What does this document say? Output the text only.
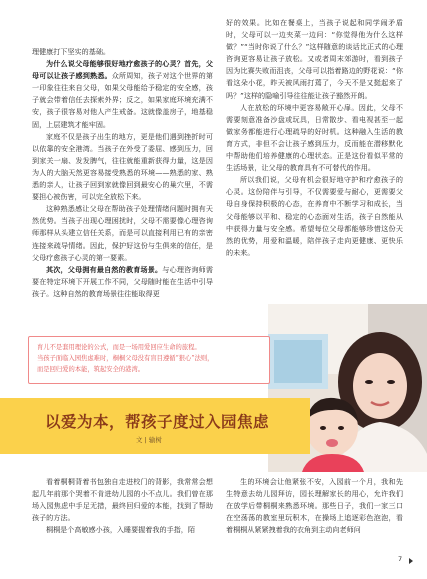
理健康打下坚实的基础。

为什么说父母能够很好地疗愈孩子的心灵？首先，父母可以让孩子感到熟悉。众所周知，孩子对这个世界的第一印象往往来自父母，如果父母能给予稳定的安全感，孩子就会带着信任去探索外界；反之，如果家庭环境充满不安，孩子很容易对他人产生戒备。这就像盖房子，地基稳固，上层建筑才能牢固。

家庭不仅是孩子出生的地方，更是他们遇到挫折时可以依靠的安全港湾。当孩子在外受了委屈、感到压力，回到家关一扇、发发脾气，往往就能重新获得力量，这是因为人的大脑天然更容易接受熟悉的环境——熟悉的家、熟悉的亲人，让孩子回到家就像回到最安心的巢穴里，不需要担心被伤害，可以完全放松下来。

这种熟悉感让父母在帮助孩子处理情绪问题时拥有天然优势。当孩子出现心理困扰时，父母不需要像心理咨询师那样从头建立信任关系，而是可以直接利用已有的亲密连接来疏导情绪。因此，保护好这份与生俱来的信任，是父母疗愈孩子心灵的第一要素。

其次，父母拥有最自然的教育场景。与心理咨询师需要在特定环境下开展工作不同，父母随时能在生活中引导孩子。这种自然的教育场景往往能取得更

好的效果。比如在餐桌上，当孩子说起和同学闹矛盾时，父母可以一边夹菜一边问：“你觉得他为什么这样做？”“当时你说了什么？”这样随意的谈话比正式的心理咨询更容易让孩子放松。又或者周末郊游时，看到孩子因为比赛失败而沮丧，父母可以指着路边的野花说：“你看这朵小花，昨天被风雨打蔫了，今天不是又挺起来了吗？”这样的隐喻引导往往能让孩子豁然开朗。

人在放松的环境中更容易敞开心扉。因此，父母不需要刻意准备沙盘或玩具，日常散步、看电视甚至一起做家务都能进行心理疏导的好时机。这种融入生活的教育方式，非但不会让孩子感到压力，反而能在潜移默化中帮助他们培养健康的心理状态。正是这份看似平常的生活场景，让父母的教育具有不可替代的作用。

所以我们说，父母有机会很好地守护和疗愈孩子的心灵。这份陪伴与引导，不仅需要爱与耐心，更需要父母自身保持积极的心态，在养育中不断学习和成长，当父母能够以平和、稳定的心态面对生活，孩子自然能从中获得力量与安全感。希望每位父母都能够珍惜这份天然的优势，用爱和温暖，陪伴孩子走向更健康、更快乐的未来。

育儿不是套用理论的公式，而是一场用爱回应生命的旅程。
当孩子面临入园焦虑难时，桐桐父母没有盲目遵循“狠心”法则，
而是回归爱的本能，筑起安全的港湾。
以爱为本，帮孩子度过入园焦虑
文 | 输树

看着桐桐背着书包独自走进校门的背影，我常常会想起几年前那个哭着不肯进幼儿园的小不点儿。我们曾在那场入园焦虑中手足无措，最终回归爱的本能，找到了帮助孩子的方法。

桐桐是个高敏感小孩，入睡要握着我的手指，陌

生的环境会让他紧张不安，入园前一个月，我和先生特意去幼儿园拜访，园长理解家长的用心，允许我们在放学后带桐桐来熟悉环境。那些日子，我们一家三口在空荡荡的教室里玩积木，在操场上追逐彩色泡泡，看着桐桐从紧紧拽着我的衣角到主动向老师问

7
